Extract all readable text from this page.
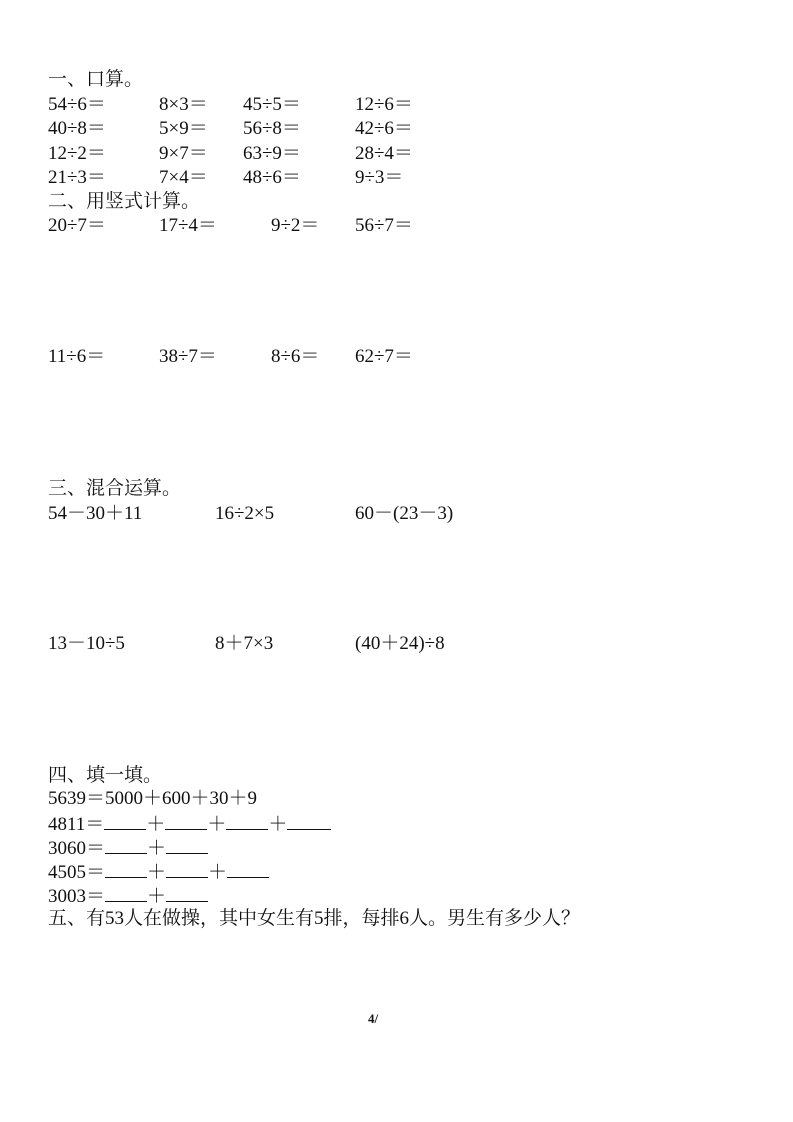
一、口算。
54÷6＝	8×3＝ 45÷5＝	12÷6＝
40÷8＝	5×9＝ 56÷8＝	42÷6＝
12÷2＝	9×7＝ 63÷9＝	28÷4＝
21÷3＝	7×4＝ 48÷6＝	9÷3＝
二、用竖式计算。
20÷7＝	17÷4＝	9÷2＝ 56÷7＝
11÷6＝	38÷7＝	8÷6＝ 62÷7＝
三、混合运算。
54－30＋11	16÷2×5	60－(23－3)
13－10÷5	8＋7×3	(40＋24)÷8
四、填一填。
5639＝5000＋600＋30＋9
4811＝ ＋ ＋ ＋
3060＝ ＋
4505＝ ＋ ＋
3003＝ ＋
五、有53人在做操，其中女生有5排，每排6人。男生有多少人？
4/
